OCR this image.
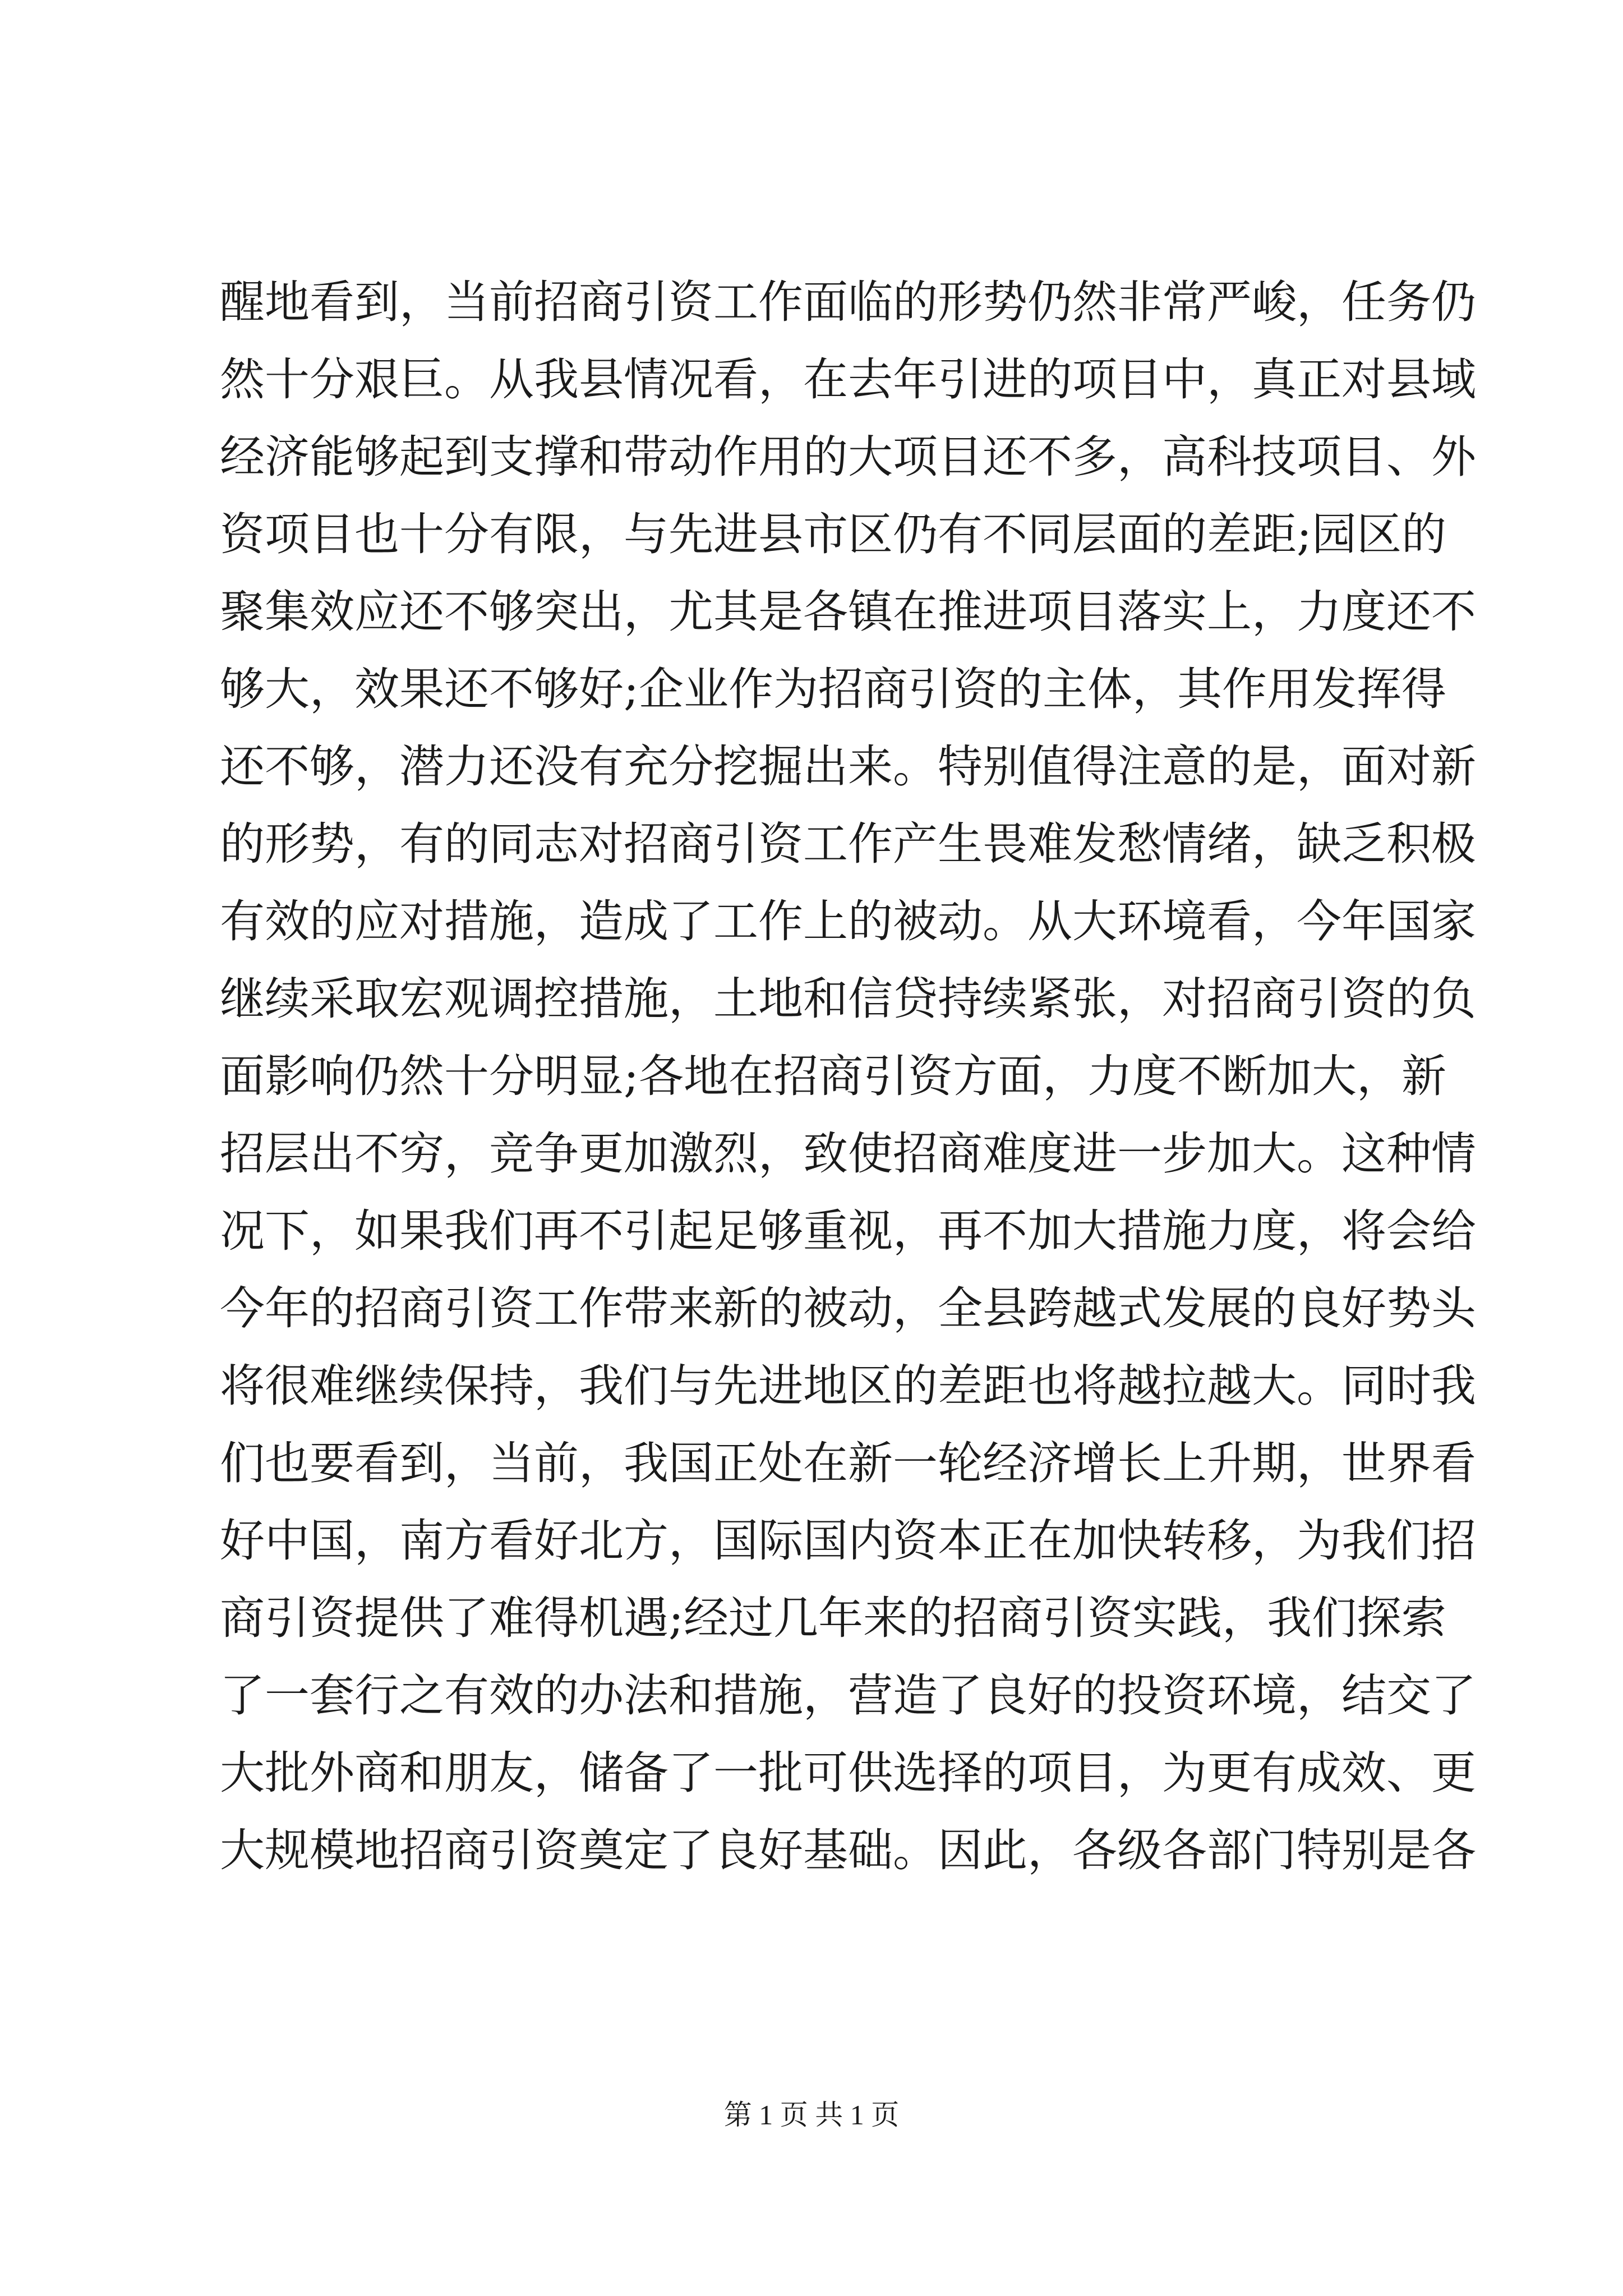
醒地看到，当前招商引资工作面临的形势仍然非常严峻，任务仍
然十分艰巨。从我县情况看，在去年引进的项目中，真正对县域
经济能够起到支撑和带动作用的大项目还不多，高科技项目、外
资项目也十分有限，与先进县市区仍有不同层面的差距;园区的
聚集效应还不够突出，尤其是各镇在推进项目落实上，力度还不
够大，效果还不够好;企业作为招商引资的主体，其作用发挥得
还不够，潜力还没有充分挖掘出来。特别值得注意的是，面对新
的形势，有的同志对招商引资工作产生畏难发愁情绪，缺乏积极
有效的应对措施，造成了工作上的被动。从大环境看，今年国家
继续采取宏观调控措施，土地和信贷持续紧张，对招商引资的负
面影响仍然十分明显;各地在招商引资方面，力度不断加大，新
招层出不穷，竞争更加激烈，致使招商难度进一步加大。这种情
况下，如果我们再不引起足够重视，再不加大措施力度，将会给
今年的招商引资工作带来新的被动，全县跨越式发展的良好势头
将很难继续保持，我们与先进地区的差距也将越拉越大。同时我
们也要看到，当前，我国正处在新一轮经济增长上升期，世界看
好中国，南方看好北方，国际国内资本正在加快转移，为我们招
商引资提供了难得机遇;经过几年来的招商引资实践，我们探索
了一套行之有效的办法和措施，营造了良好的投资环境，结交了
大批外商和朋友，储备了一批可供选择的项目，为更有成效、更
大规模地招商引资奠定了良好基础。因此，各级各部门特别是各
第 1 页 共 1 页
